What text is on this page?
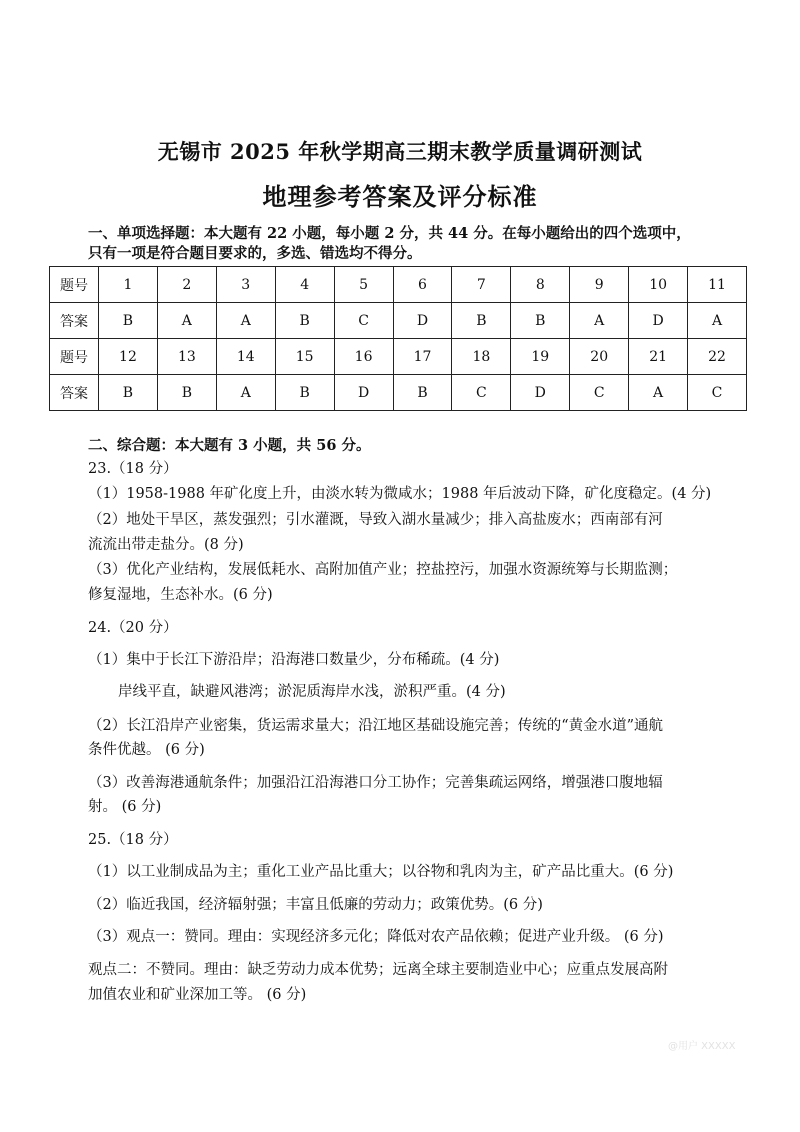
无锡市 2025 年秋学期高三期末教学质量调研测试
地理参考答案及评分标准
一、单项选择题：本大题有 22 小题，每小题 2 分，共 44 分。在每小题给出的四个选项中，
只有一项是符合题目要求的，多选、错选均不得分。
题号	1	2	3	4	5	6	7	8	9	10	11
答案	B	A	A	B	C	D	B	B	A	D	A
题号	12	13	14	15	16	17	18	19	20	21	22
答案	B	B	A	B	D	B	C	D	C	A	C
二、综合题：本大题有 3 小题，共 56 分。
23.（18 分）
（1）1958-1988 年矿化度上升，由淡水转为微咸水；1988 年后波动下降，矿化度稳定。(4 分)
（2）地处干旱区，蒸发强烈；引水灌溉，导致入湖水量减少；排入高盐废水；西南部有河
流流出带走盐分。(8 分)
（3）优化产业结构，发展低耗水、高附加值产业；控盐控污，加强水资源统筹与长期监测；
修复湿地，生态补水。(6 分)
24.（20 分）
（1）集中于长江下游沿岸；沿海港口数量少，分布稀疏。(4 分)
岸线平直，缺避风港湾；淤泥质海岸水浅，淤积严重。(4 分)
（2）长江沿岸产业密集，货运需求量大；沿江地区基础设施完善；传统的“黄金水道”通航
条件优越。 (6 分)
（3）改善海港通航条件；加强沿江沿海港口分工协作；完善集疏运网络，增强港口腹地辐
射。 (6 分)
25.（18 分）
（1）以工业制成品为主；重化工业产品比重大；以谷物和乳肉为主，矿产品比重大。(6 分)
（2）临近我国，经济辐射强；丰富且低廉的劳动力；政策优势。(6 分)
（3）观点一：赞同。理由：实现经济多元化；降低对农产品依赖；促进产业升级。 (6 分)
观点二：不赞同。理由：缺乏劳动力成本优势；远离全球主要制造业中心；应重点发展高附
加值农业和矿业深加工等。 (6 分)
@用户 XXXXX
